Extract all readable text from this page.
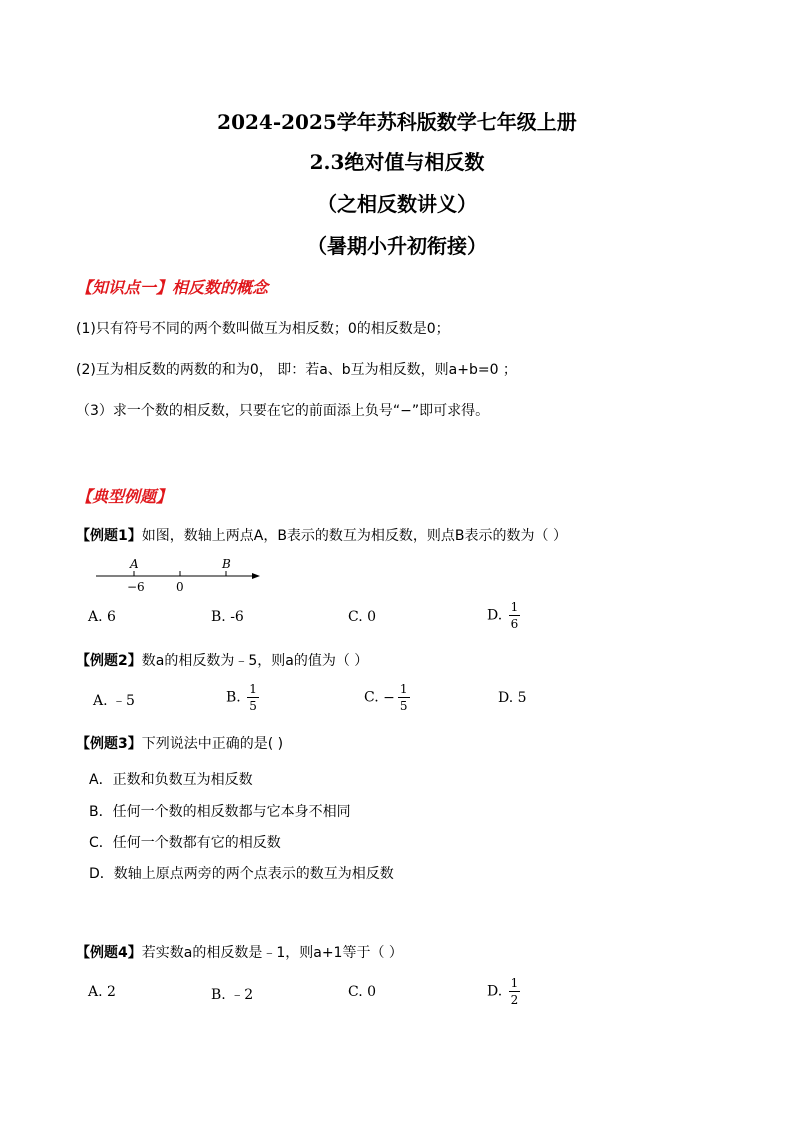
2024-2025学年苏科版数学七年级上册
2.3绝对值与相反数
（之相反数讲义）
（暑期小升初衔接）
【知识点一】相反数的概念
(1)只有符号不同的两个数叫做互为相反数；0的相反数是0；
(2)互为相反数的两数的和为0， 即：若a、b互为相反数，则a+b=0 ；
（3）求一个数的相反数，只要在它的前面添上负号“−”即可求得。
【典型例题】
【例题1】如图，数轴上两点A，B表示的数互为相反数，则点B表示的数为（ ）
A	B
−6	0
A. 6	B. -6	C. 0	D. $\frac{1}{6}$
【例题2】数a的相反数为﹣5，则a的值为（ ）
A. ﹣5	B. $\frac{1}{5}$	C. − $\frac{1}{5}$	D. 5
【例题3】下列说法中正确的是( )
A．正数和负数互为相反数
B．任何一个数的相反数都与它本身不相同
C．任何一个数都有它的相反数
D．数轴上原点两旁的两个点表示的数互为相反数
【例题4】若实数a的相反数是﹣1，则a+1等于（ ）
A. 2	B. ﹣2	C. 0	D. $\frac{1}{2}$
